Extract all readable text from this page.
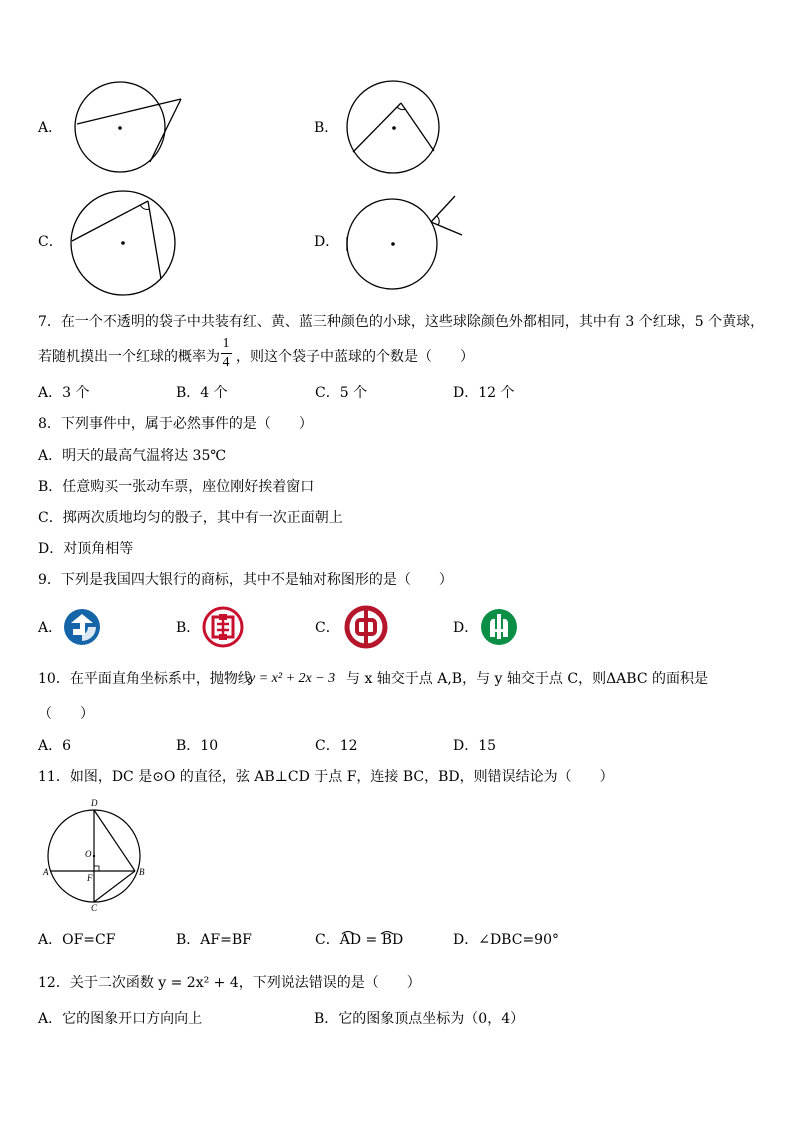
A．	B．
C．	D．
7．在一个不透明的袋子中共装有红、黄、蓝三种颜色的小球，这些球除颜色外都相同，其中有 3 个红球，5 个黄球，
若随机摸出一个红球的概率为
1
4 ，则这个袋子中蓝球的个数是（　　）
A．3 个	B．4 个	C．5 个	D．12 个
8．下列事件中，属于必然事件的是（　　）
A．明天的最高气温将达 35℃
B．任意购买一张动车票，座位刚好挨着窗口
C．掷两次质地均匀的骰子，其中有一次正面朝上
D．对顶角相等
9．下列是我国四大银行的商标，其中不是轴对称图形的是（　　）
A．	B．	C．	D．
10．在平面直角坐标系中，抛物线
y = x² + 2x − 3 与 x 轴交于点 A,B，与 y 轴交于点 C，则ΔABC 的面积是
（　　）
A．6	B．10	C．12	D．15
11．如图，DC 是⊙O 的直径，弦 AB⊥CD 于点 F，连接 BC，BD，则错误结论为（　　）
D
O
A
F
B
C
A．OF=CF	B．AF=BF	C．AD = BD	D．∠DBC=90°
12．关于二次函数 y = 2x² + 4，下列说法错误的是（　　）
A．它的图象开口方向向上	B．它的图象顶点坐标为（0，4）
